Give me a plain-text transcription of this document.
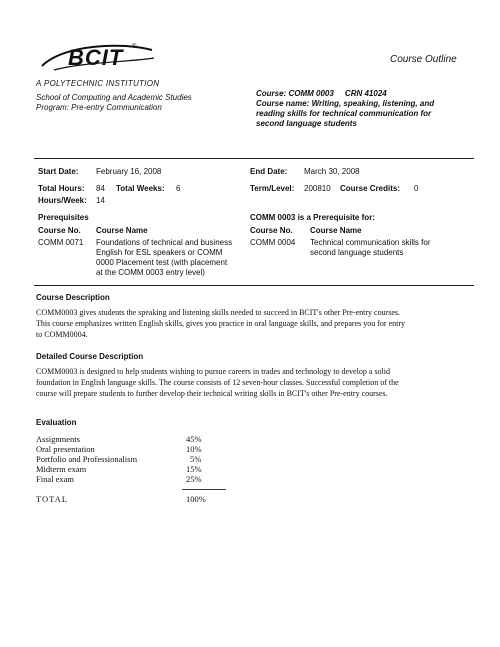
BCIT ®
A POLYTECHNIC INSTITUTION
Course Outline
School of Computing and Academic Studies
Program: Pre-entry Communication
Course: COMM 0003     CRN 41024
Course name: Writing, speaking, listening, and
reading skills for technical communication for
second language students
Start Date: February 16, 2008	End Date: March 30, 2008
Total Hours: 84 Total Weeks: 6	Term/Level: 200810 Course Credits: 0
Hours/Week: 14
Prerequisites
Course No. Course Name
COMM 0071 Foundations of technical and business
English for ESL speakers or COMM
0000 Placement test (with placement
at the COMM 0003 entry level)
COMM 0003 is a Prerequisite for:
Course No. Course Name
COMM 0004 Technical communication skills for
second language students
Course Description
COMM0003 gives students the speaking and listening skills needed to succeed in BCIT's other Pre-entry courses.
This course emphasizes written English skills, gives you practice in oral language skills, and prepares you for entry
to COMM0004.
Detailed Course Description
COMM0003 is designed to help students wishing to pursue careers in trades and technology to develop a solid
foundation in English language skills. The course consists of 12 seven-hour classes. Successful completion of the
course will prepare students to further develop their technical writing skills in BCIT's other Pre-entry courses.
Evaluation
Assignments	45%
Oral presentation	10%
Portfolio and Professionalism	5%
Midterm exam	15%
Final exam	25%
TOTAL	100%
